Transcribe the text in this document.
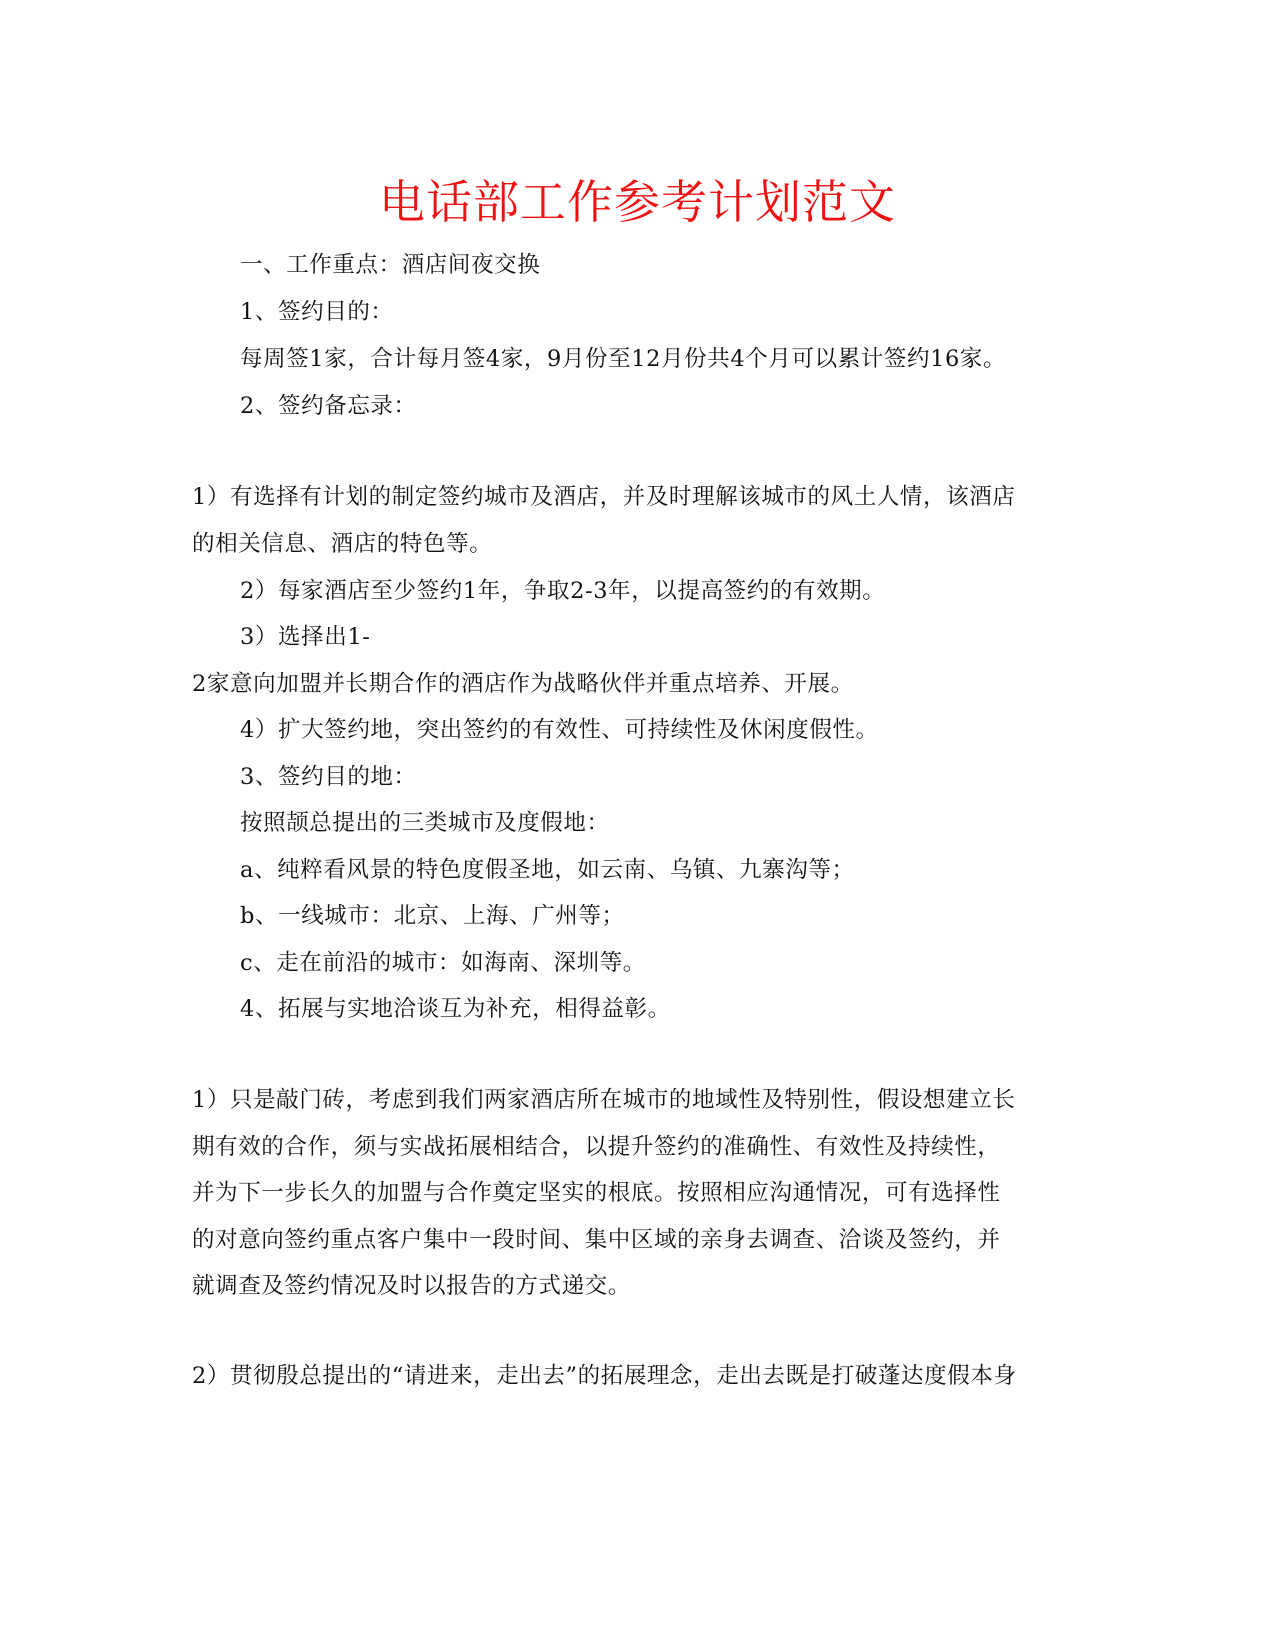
电话部工作参考计划范文

一、工作重点：酒店间夜交换

1、签约目的：

每周签1家，合计每月签4家，9月份至12月份共4个月可以累计签约16家。

2、签约备忘录：

1）有选择有计划的制定签约城市及酒店，并及时理解该城市的风土人情，该酒店

的相关信息、酒店的特色等。

2）每家酒店至少签约1年，争取2-3年，以提高签约的有效期。

3）选择出1-

2家意向加盟并长期合作的酒店作为战略伙伴并重点培养、开展。

4）扩大签约地，突出签约的有效性、可持续性及休闲度假性。

3、签约目的地：

按照颉总提出的三类城市及度假地：

a、纯粹看风景的特色度假圣地，如云南、乌镇、九寨沟等；

b、一线城市：北京、上海、广州等；

c、走在前沿的城市：如海南、深圳等。

4、拓展与实地洽谈互为补充，相得益彰。

1）只是敲门砖，考虑到我们两家酒店所在城市的地域性及特别性，假设想建立长

期有效的合作，须与实战拓展相结合，以提升签约的准确性、有效性及持续性，

并为下一步长久的加盟与合作奠定坚实的根底。按照相应沟通情况，可有选择性

的对意向签约重点客户集中一段时间、集中区域的亲身去调查、洽谈及签约，并

就调查及签约情况及时以报告的方式递交。

2）贯彻殷总提出的“请进来，走出去”的拓展理念，走出去既是打破蓬达度假本身
